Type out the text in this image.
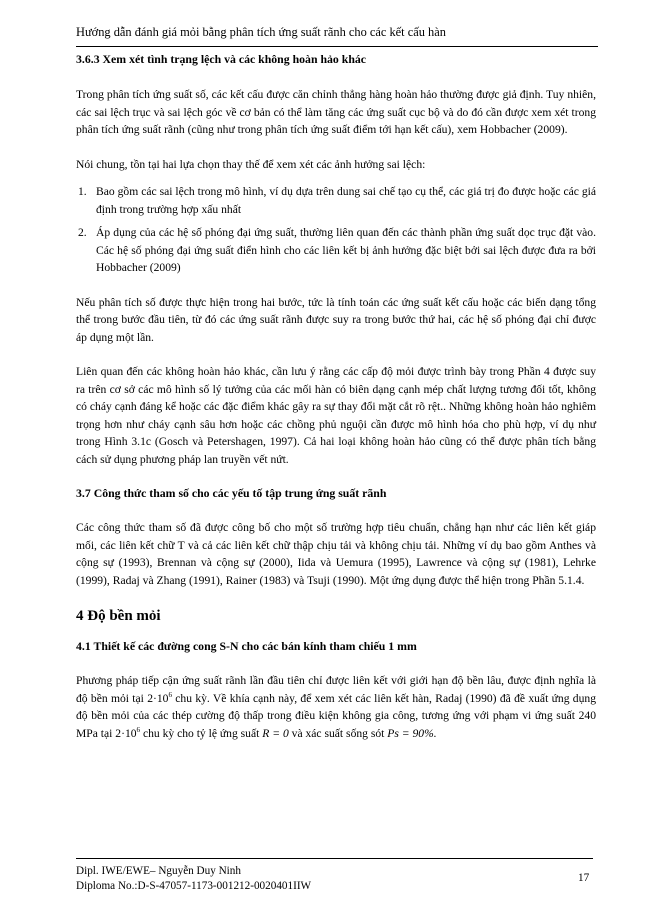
Hướng dẫn đánh giá mỏi bằng phân tích ứng suất rãnh cho các kết cấu hàn
3.6.3 Xem xét tình trạng lệch và các không hoàn hảo khác

Trong phân tích ứng suất số, các kết cấu được căn chỉnh thẳng hàng hoàn hảo thường được giả định. Tuy nhiên, các sai lệch trục và sai lệch góc về cơ bản có thể làm tăng các ứng suất cục bộ và do đó cần được xem xét trong phân tích ứng suất rãnh (cũng như trong phân tích ứng suất điểm tới hạn kết cấu), xem Hobbacher (2009).

Nói chung, tồn tại hai lựa chọn thay thế để xem xét các ảnh hưởng sai lệch:

1. Bao gồm các sai lệch trong mô hình, ví dụ dựa trên dung sai chế tạo cụ thể, các giá trị đo được hoặc các giá định trong trường hợp xấu nhất
2. Áp dụng của các hệ số phóng đại ứng suất, thường liên quan đến các thành phần ứng suất dọc trục đặt vào. Các hệ số phóng đại ứng suất điển hình cho các liên kết bị ảnh hưởng đặc biệt bởi sai lệch được đưa ra bởi Hobbacher (2009)

Nếu phân tích số được thực hiện trong hai bước, tức là tính toán các ứng suất kết cấu hoặc các biến dạng tổng thể trong bước đầu tiên, từ đó các ứng suất rãnh được suy ra trong bước thứ hai, các hệ số phóng đại chỉ được áp dụng một lần.

Liên quan đến các không hoàn hảo khác, cần lưu ý rằng các cấp độ mỏi được trình bày trong Phần 4 được suy ra trên cơ sở các mô hình số lý tưởng của các mối hàn có biên dạng cạnh mép chất lượng tương đối tốt, không có cháy cạnh đáng kể hoặc các đặc điểm khác gây ra sự thay đổi mặt cắt rõ rệt.. Những không hoàn hảo nghiêm trọng hơn như cháy cạnh sâu hơn hoặc các chồng phủ nguội cần được mô hình hóa cho phù hợp, ví dụ như trong Hình 3.1c (Gosch và Petershagen, 1997). Cả hai loại không hoàn hảo cũng có thể được phân tích bằng cách sử dụng phương pháp lan truyền vết nứt.

3.7 Công thức tham số cho các yếu tố tập trung ứng suất rãnh

Các công thức tham số đã được công bố cho một số trường hợp tiêu chuẩn, chẳng hạn như các liên kết giáp mối, các liên kết chữ T và cả các liên kết chữ thập chịu tải và không chịu tải. Những ví dụ bao gồm Anthes và cộng sự (1993), Brennan và cộng sự (2000), Iida và Uemura (1995), Lawrence và cộng sự (1981), Lehrke (1999), Radaj và Zhang (1991), Rainer (1983) và Tsuji (1990). Một ứng dụng được thể hiện trong Phần 5.1.4.

4 Độ bền mỏi
4.1 Thiết kế các đường cong S-N cho các bán kính tham chiếu 1 mm

Phương pháp tiếp cận ứng suất rãnh lần đầu tiên chỉ được liên kết với giới hạn độ bền lâu, được định nghĩa là độ bền mỏi tại $2\cdot 10^6$ chu kỳ. Về khía cạnh này, để xem xét các liên kết hàn, Radaj (1990) đã đề xuất ứng dụng độ bền mỏi của các thép cường độ thấp trong điều kiện không gia công, tương ứng với phạm vi ứng suất 240 MPa tại $2\cdot 10^6$ chu kỳ cho tỷ lệ ứng suất R = 0 và xác suất sống sót Ps = 90%.

Dipl. IWE/EWE– Nguyễn Duy Ninh
Diploma No.:D-S-47057-1173-001212-0020401IIW
17
